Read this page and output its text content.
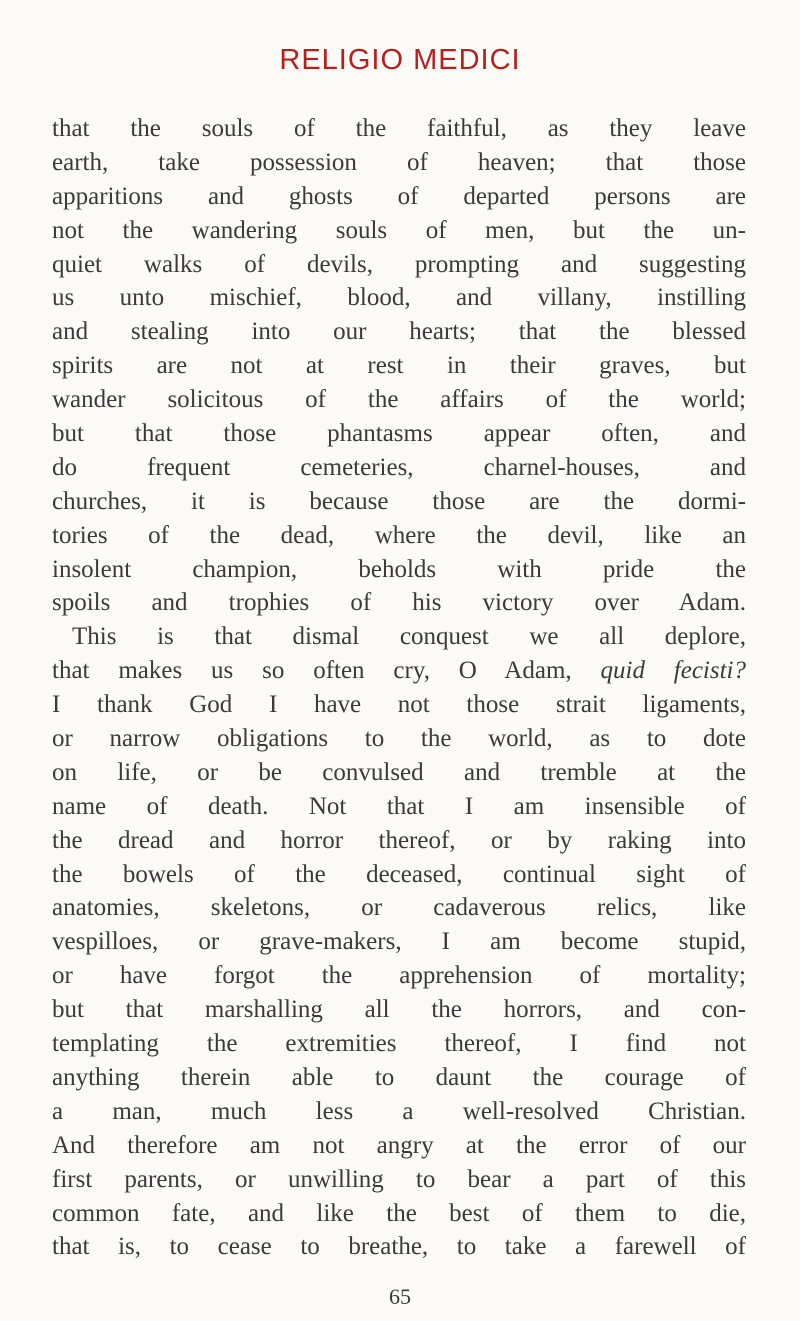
RELIGIO MEDICI
that the souls of the faithful, as they leave
earth, take possession of heaven; that those
apparitions and ghosts of departed persons are
not the wandering souls of men, but the un-
quiet walks of devils, prompting and suggesting
us unto mischief, blood, and villany, instilling
and stealing into our hearts; that the blessed
spirits are not at rest in their graves, but
wander solicitous of the affairs of the world;
but that those phantasms appear often, and
do frequent cemeteries, charnel-houses, and
churches, it is because those are the dormi-
tories of the dead, where the devil, like an
insolent champion, beholds with pride the
spoils and trophies of his victory over Adam.
This is that dismal conquest we all deplore,
that makes us so often cry, O Adam, quid fecisti?
I thank God I have not those strait ligaments,
or narrow obligations to the world, as to dote
on life, or be convulsed and tremble at the
name of death. Not that I am insensible of
the dread and horror thereof, or by raking into
the bowels of the deceased, continual sight of
anatomies, skeletons, or cadaverous relics, like
vespilloes, or grave-makers, I am become stupid,
or have forgot the apprehension of mortality;
but that marshalling all the horrors, and con-
templating the extremities thereof, I find not
anything therein able to daunt the courage of
a man, much less a well-resolved Christian.
And therefore am not angry at the error of our
first parents, or unwilling to bear a part of this
common fate, and like the best of them to die,
that is, to cease to breathe, to take a farewell of
65
